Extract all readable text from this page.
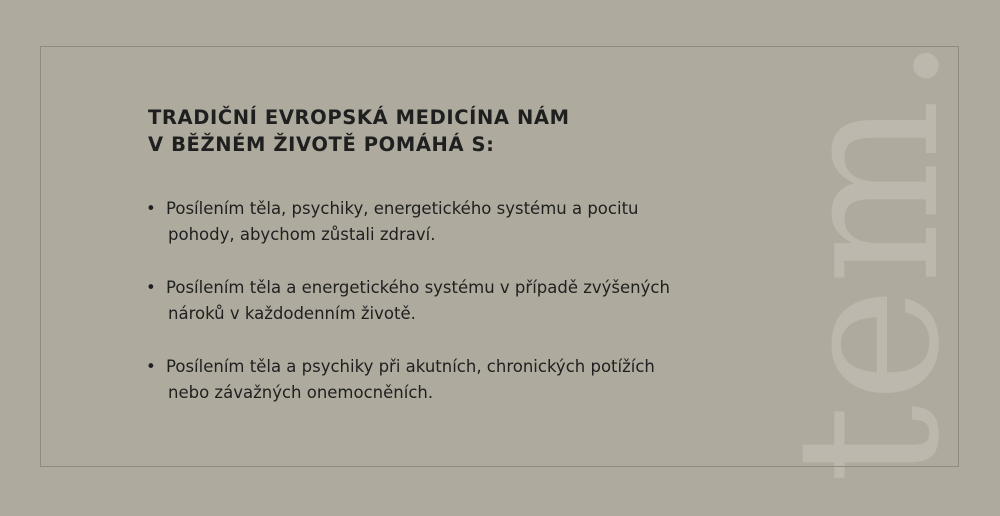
tem.
TRADIČNÍ EVROPSKÁ MEDICÍNA NÁM
V BĚŽNÉM ŽIVOTĚ POMÁHÁ S:
• Posílením těla, psychiky, energetického systému a pocitu
pohody, abychom zůstali zdraví.
• Posílením těla a energetického systému v případě zvýšených
nároků v každodenním životě.
• Posílením těla a psychiky při akutních, chronických potížích
nebo závažných onemocněních.
